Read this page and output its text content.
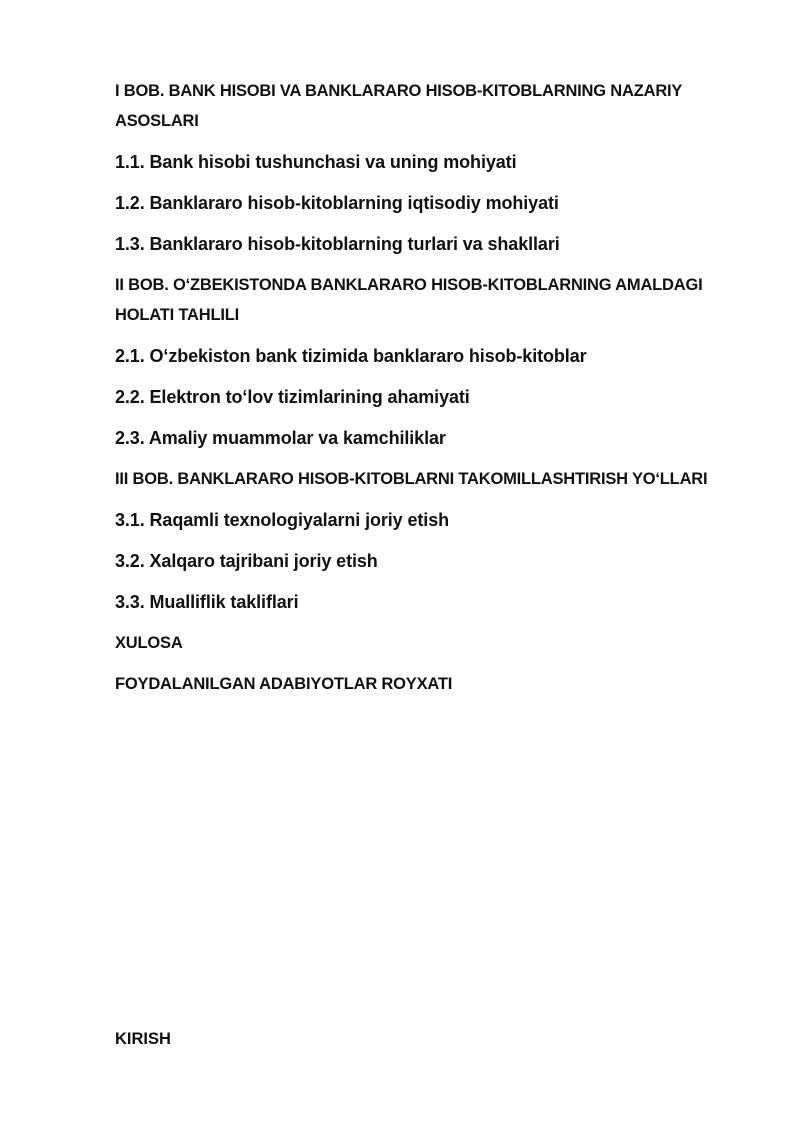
I BOB. BANK HISOBI VA BANKLARARO HISOB-KITOBLARNING NAZARIY ASOSLARI

1.1. Bank hisobi tushunchasi va uning mohiyati

1.2. Banklararo hisob-kitoblarning iqtisodiy mohiyati

1.3. Banklararo hisob-kitoblarning turlari va shakllari

II BOB. O‘ZBEKISTONDA BANKLARARO HISOB-KITOBLARNING AMALDAGI HOLATI TAHLILI

2.1. O‘zbekiston bank tizimida banklararo hisob-kitoblar

2.2. Elektron to‘lov tizimlarining ahamiyati

2.3. Amaliy muammolar va kamchiliklar

III BOB. BANKLARARO HISOB-KITOBLARNI TAKOMILLASHTIRISH YO‘LLARI

3.1. Raqamli texnologiyalarni joriy etish

3.2. Xalqaro tajribani joriy etish

3.3. Mualliflik takliflari

XULOSA

FOYDALANILGAN ADABIYOTLAR ROYXATI

KIRISH
